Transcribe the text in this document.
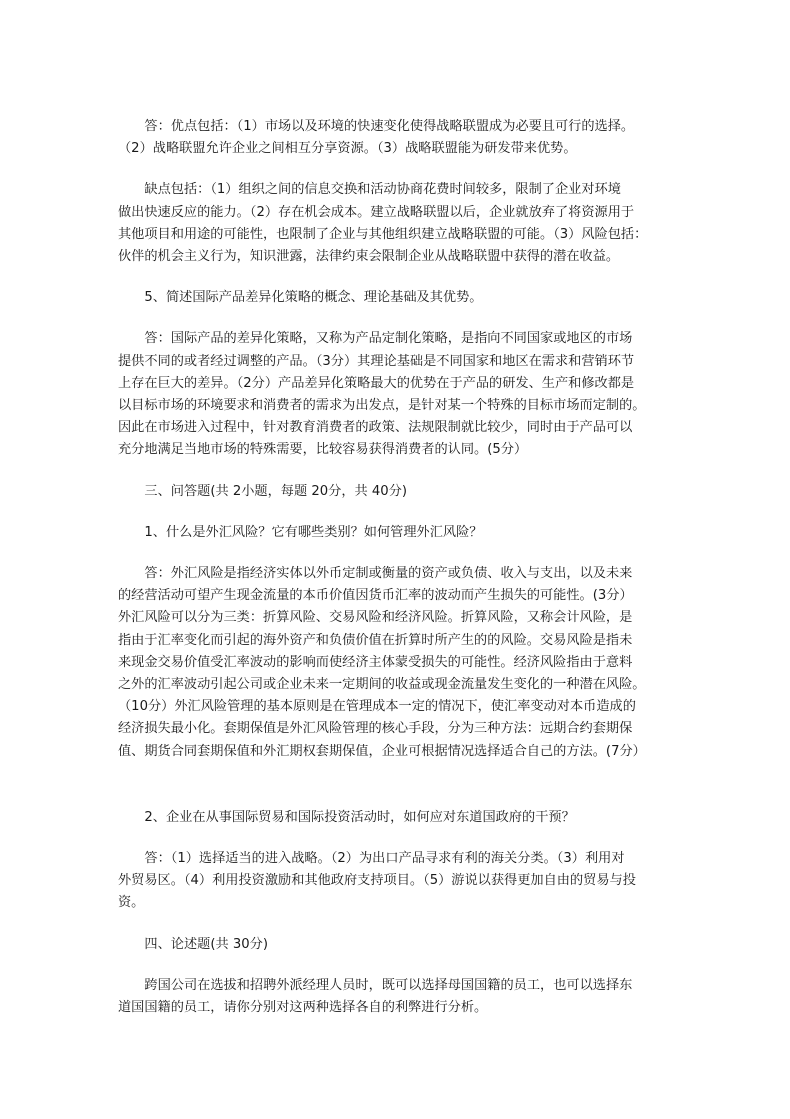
答：优点包括：（1）市场以及环境的快速变化使得战略联盟成为必要且可行的选择。
（2）战略联盟允许企业之间相互分享资源。（3）战略联盟能为研发带来优势。

缺点包括：（1）组织之间的信息交换和活动协商花费时间较多，限制了企业对环境
做出快速反应的能力。（2）存在机会成本。建立战略联盟以后，企业就放弃了将资源用于
其他项目和用途的可能性，也限制了企业与其他组织建立战略联盟的可能。（3）风险包括：
伙伴的机会主义行为，知识泄露，法律约束会限制企业从战略联盟中获得的潜在收益。

5、简述国际产品差异化策略的概念、理论基础及其优势。

答：国际产品的差异化策略，又称为产品定制化策略，是指向不同国家或地区的市场
提供不同的或者经过调整的产品。（3分）其理论基础是不同国家和地区在需求和营销环节
上存在巨大的差异。（2分）产品差异化策略最大的优势在于产品的研发、生产和修改都是
以目标市场的环境要求和消费者的需求为出发点，是针对某一个特殊的目标市场而定制的。
因此在市场进入过程中，针对教育消费者的政策、法规限制就比较少，同时由于产品可以
充分地满足当地市场的特殊需要，比较容易获得消费者的认同。(5分）

三、问答题(共 2小题，每题 20分，共 40分)

1、什么是外汇风险？它有哪些类别？如何管理外汇风险？

答：外汇风险是指经济实体以外币定制或衡量的资产或负债、收入与支出，以及未来
的经营活动可望产生现金流量的本币价值因货币汇率的波动而产生损失的可能性。(3分）
外汇风险可以分为三类：折算风险、交易风险和经济风险。折算风险，又称会计风险，是
指由于汇率变化而引起的海外资产和负债价值在折算时所产生的的风险。交易风险是指未
来现金交易价值受汇率波动的影响而使经济主体蒙受损失的可能性。经济风险指由于意料
之外的汇率波动引起公司或企业未来一定期间的收益或现金流量发生变化的一种潜在风险。
（10分）外汇风险管理的基本原则是在管理成本一定的情况下，使汇率变动对本币造成的
经济损失最小化。套期保值是外汇风险管理的核心手段，分为三种方法：远期合约套期保
值、期货合同套期保值和外汇期权套期保值，企业可根据情况选择适合自己的方法。(7分）

2、企业在从事国际贸易和国际投资活动时，如何应对东道国政府的干预？

答：（1）选择适当的进入战略。（2）为出口产品寻求有利的海关分类。（3）利用对
外贸易区。（4）利用投资激励和其他政府支持项目。（5）游说以获得更加自由的贸易与投
资。

四、论述题(共 30分)

跨国公司在选拔和招聘外派经理人员时，既可以选择母国国籍的员工，也可以选择东
道国国籍的员工，请你分别对这两种选择各自的利弊进行分析。
